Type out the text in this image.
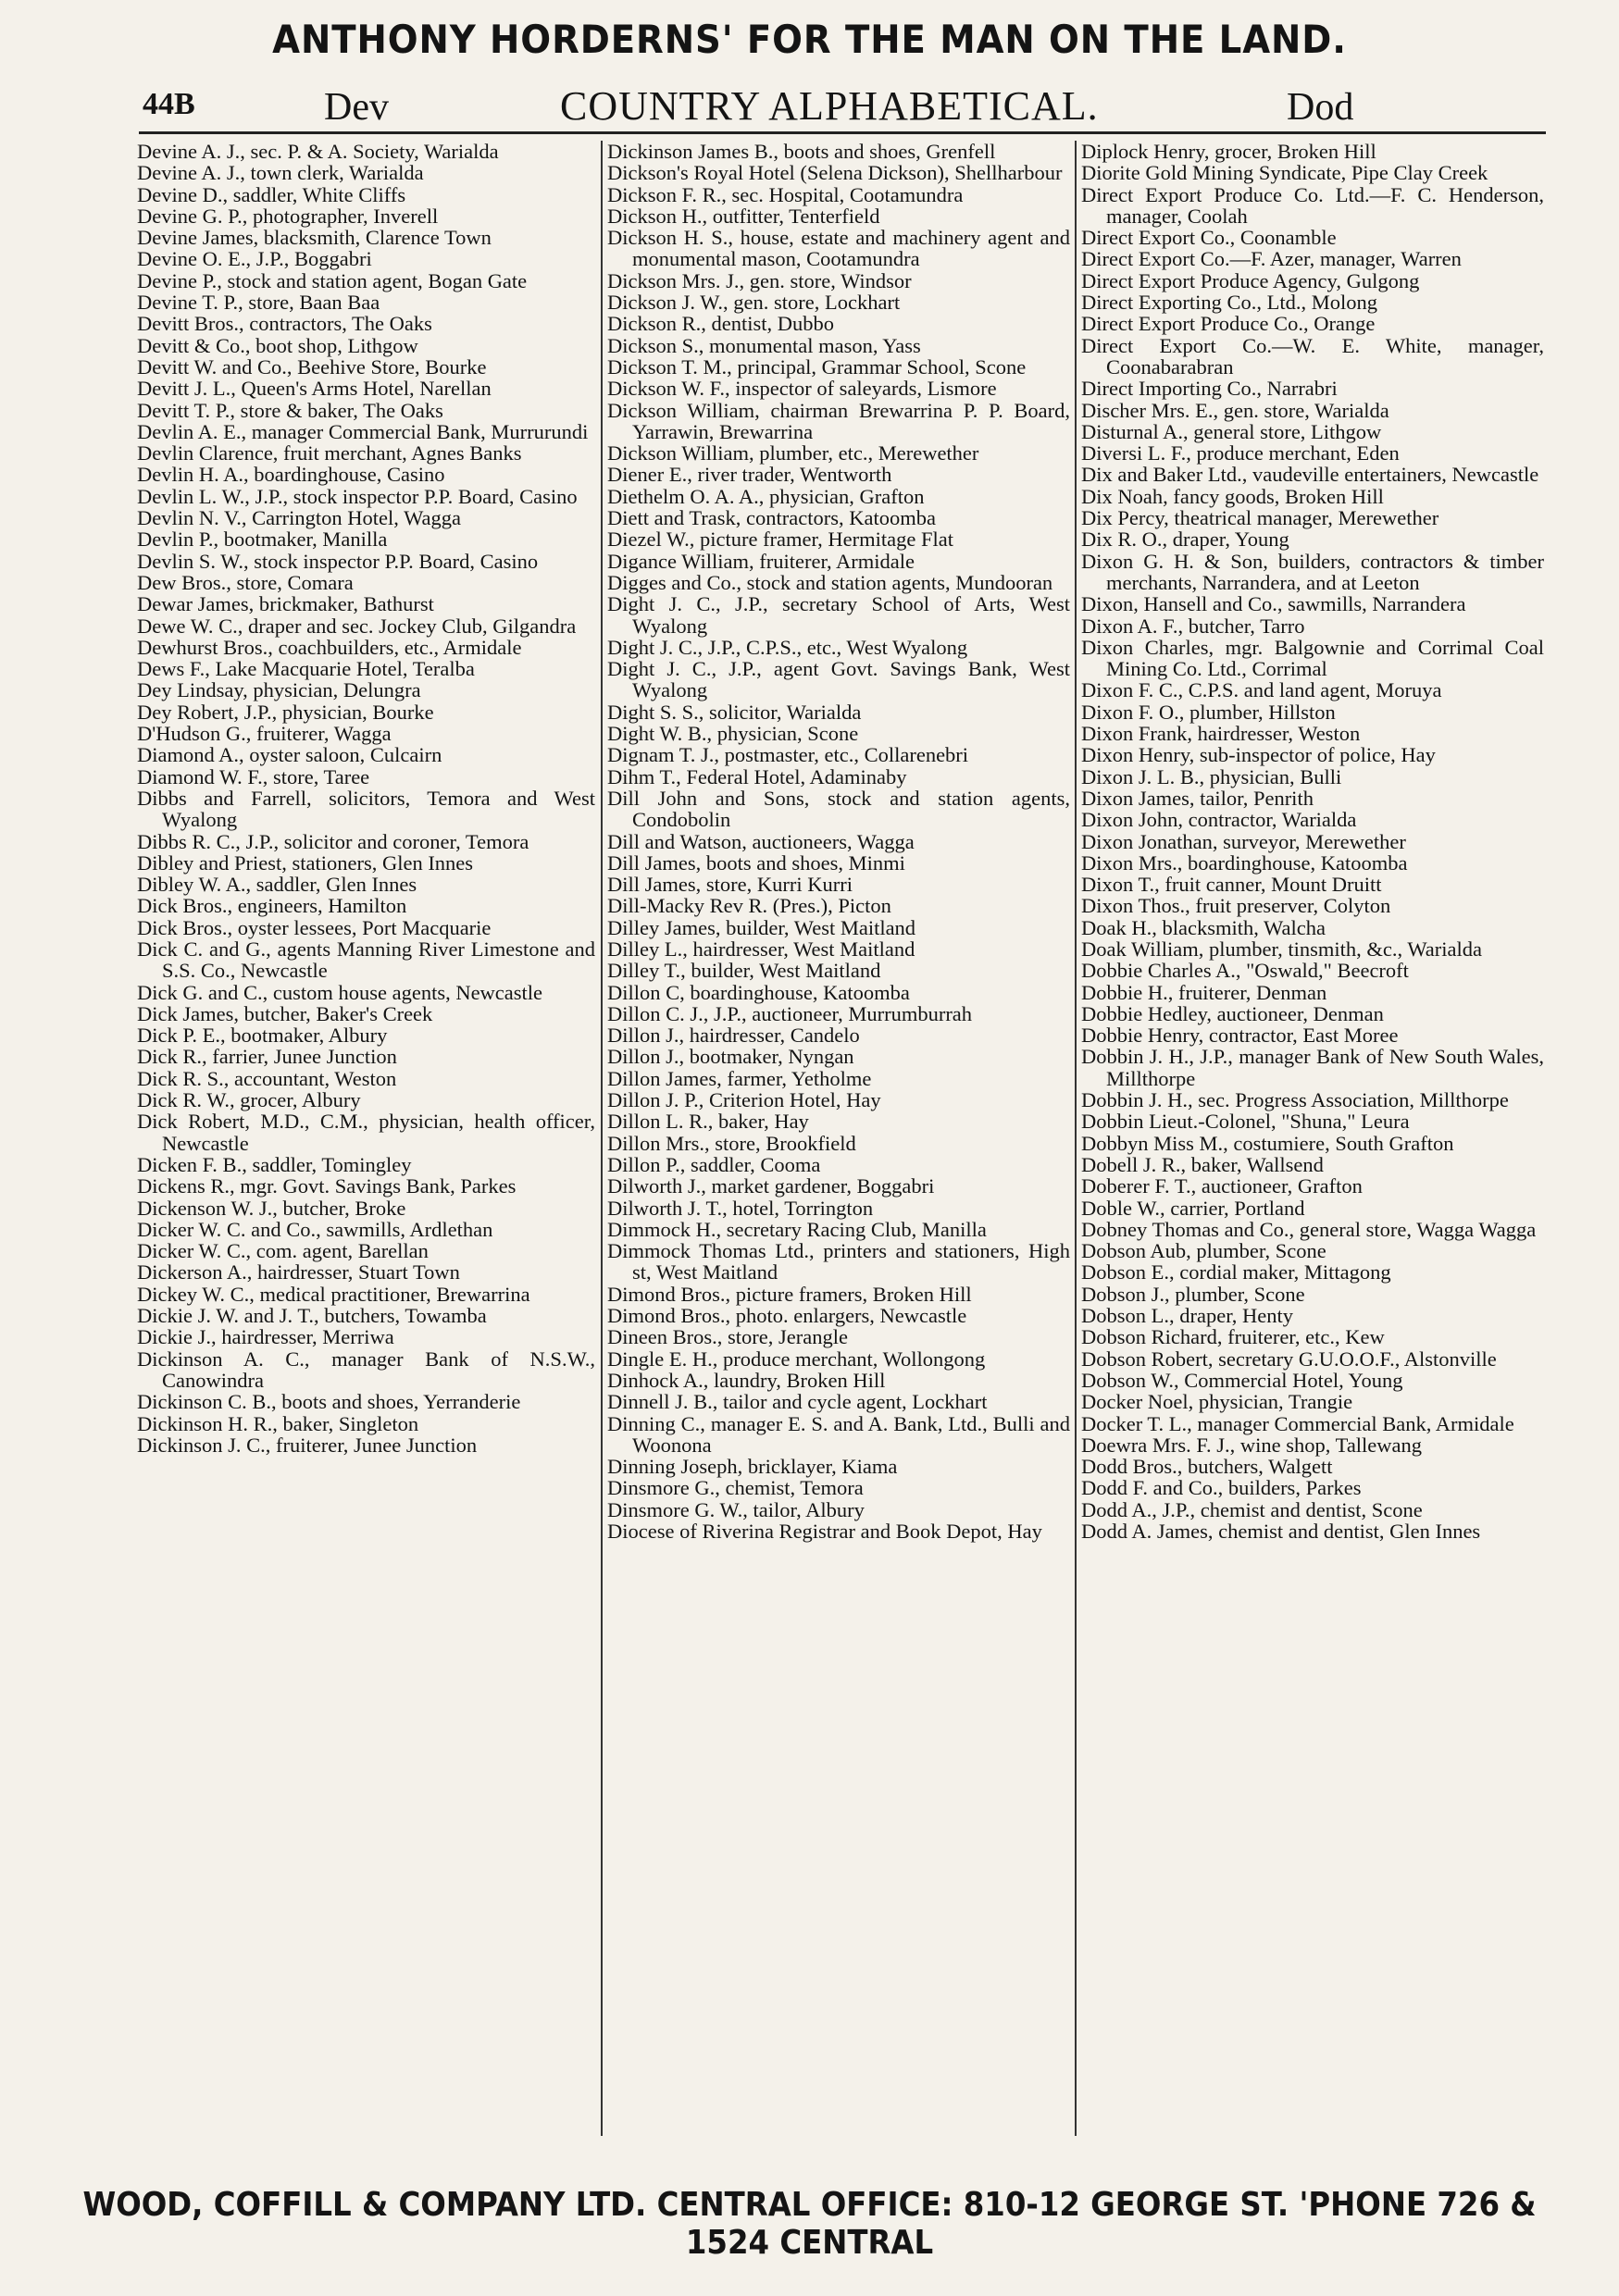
ANTHONY HORDERNS' FOR THE MAN ON THE LAND.
44B	Dev	COUNTRY ALPHABETICAL.	Dod

Devine A. J., sec. P. & A. Society, Warialda

Devine A. J., town clerk, Warialda

Devine D., saddler, White Cliffs

Devine G. P., photographer, Inverell

Devine James, blacksmith, Clarence Town

Devine O. E., J.P., Boggabri

Devine P., stock and station agent, Bogan Gate

Devine T. P., store, Baan Baa

Devitt Bros., contractors, The Oaks

Devitt & Co., boot shop, Lithgow

Devitt W. and Co., Beehive Store, Bourke

Devitt J. L., Queen's Arms Hotel, Narellan

Devitt T. P., store & baker, The Oaks

Devlin A. E., manager Commercial Bank, Murrurundi

Devlin Clarence, fruit merchant, Agnes Banks

Devlin H. A., boardinghouse, Casino

Devlin L. W., J.P., stock inspector P.P. Board, Casino

Devlin N. V., Carrington Hotel, Wagga

Devlin P., bootmaker, Manilla

Devlin S. W., stock inspector P.P. Board, Casino

Dew Bros., store, Comara

Dewar James, brickmaker, Bathurst

Dewe W. C., draper and sec. Jockey Club, Gilgandra

Dewhurst Bros., coachbuilders, etc., Armidale

Dews F., Lake Macquarie Hotel, Teralba

Dey Lindsay, physician, Delungra

Dey Robert, J.P., physician, Bourke

D'Hudson G., fruiterer, Wagga

Diamond A., oyster saloon, Culcairn

Diamond W. F., store, Taree

Dibbs and Farrell, solicitors, Temora and West Wyalong

Dibbs R. C., J.P., solicitor and coroner, Temora

Dibley and Priest, stationers, Glen Innes

Dibley W. A., saddler, Glen Innes

Dick Bros., engineers, Hamilton

Dick Bros., oyster lessees, Port Macquarie

Dick C. and G., agents Manning River Limestone and S.S. Co., Newcastle

Dick G. and C., custom house agents, Newcastle

Dick James, butcher, Baker's Creek

Dick P. E., bootmaker, Albury

Dick R., farrier, Junee Junction

Dick R. S., accountant, Weston

Dick R. W., grocer, Albury

Dick Robert, M.D., C.M., physician, health officer, Newcastle

Dicken F. B., saddler, Tomingley

Dickens R., mgr. Govt. Savings Bank, Parkes

Dickenson W. J., butcher, Broke

Dicker W. C. and Co., sawmills, Ardlethan

Dicker W. C., com. agent, Barellan

Dickerson A., hairdresser, Stuart Town

Dickey W. C., medical practitioner, Brewarrina

Dickie J. W. and J. T., butchers, Towamba

Dickie J., hairdresser, Merriwa

Dickinson A. C., manager Bank of N.S.W., Canowindra

Dickinson C. B., boots and shoes, Yerranderie

Dickinson H. R., baker, Singleton

Dickinson J. C., fruiterer, Junee Junction

Dickinson James B., boots and shoes, Grenfell

Dickson's Royal Hotel (Selena Dickson), Shellharbour

Dickson F. R., sec. Hospital, Cootamundra

Dickson H., outfitter, Tenterfield

Dickson H. S., house, estate and machinery agent and monumental mason, Cootamundra

Dickson Mrs. J., gen. store, Windsor

Dickson J. W., gen. store, Lockhart

Dickson R., dentist, Dubbo

Dickson S., monumental mason, Yass

Dickson T. M., principal, Grammar School, Scone

Dickson W. F., inspector of saleyards, Lismore

Dickson William, chairman Brewarrina P. P. Board, Yarrawin, Brewarrina

Dickson William, plumber, etc., Merewether

Diener E., river trader, Wentworth

Diethelm O. A. A., physician, Grafton

Diett and Trask, contractors, Katoomba

Diezel W., picture framer, Hermitage Flat

Digance William, fruiterer, Armidale

Digges and Co., stock and station agents, Mundooran

Dight J. C., J.P., secretary School of Arts, West Wyalong

Dight J. C., J.P., C.P.S., etc., West Wyalong

Dight J. C., J.P., agent Govt. Savings Bank, West Wyalong

Dight S. S., solicitor, Warialda

Dight W. B., physician, Scone

Dignam T. J., postmaster, etc., Collarenebri

Dihm T., Federal Hotel, Adaminaby

Dill John and Sons, stock and station agents, Condobolin

Dill and Watson, auctioneers, Wagga

Dill James, boots and shoes, Minmi

Dill James, store, Kurri Kurri

Dill-Macky Rev R. (Pres.), Picton

Dilley James, builder, West Maitland

Dilley L., hairdresser, West Maitland

Dilley T., builder, West Maitland

Dillon C, boardinghouse, Katoomba

Dillon C. J., J.P., auctioneer, Murrumburrah

Dillon J., hairdresser, Candelo

Dillon J., bootmaker, Nyngan

Dillon James, farmer, Yetholme

Dillon J. P., Criterion Hotel, Hay

Dillon L. R., baker, Hay

Dillon Mrs., store, Brookfield

Dillon P., saddler, Cooma

Dilworth J., market gardener, Boggabri

Dilworth J. T., hotel, Torrington

Dimmock H., secretary Racing Club, Manilla

Dimmock Thomas Ltd., printers and stationers, High st, West Maitland

Dimond Bros., picture framers, Broken Hill

Dimond Bros., photo. enlargers, Newcastle

Dineen Bros., store, Jerangle

Dingle E. H., produce merchant, Wollongong

Dinhock A., laundry, Broken Hill

Dinnell J. B., tailor and cycle agent, Lockhart

Dinning C., manager E. S. and A. Bank, Ltd., Bulli and Woonona

Dinning Joseph, bricklayer, Kiama

Dinsmore G., chemist, Temora

Dinsmore G. W., tailor, Albury

Diocese of Riverina Registrar and Book Depot, Hay

Diplock Henry, grocer, Broken Hill

Diorite Gold Mining Syndicate, Pipe Clay Creek

Direct Export Produce Co. Ltd.—F. C. Henderson, manager, Coolah

Direct Export Co., Coonamble

Direct Export Co.—F. Azer, manager, Warren

Direct Export Produce Agency, Gulgong

Direct Exporting Co., Ltd., Molong

Direct Export Produce Co., Orange

Direct Export Co.—W. E. White, manager, Coonabarabran

Direct Importing Co., Narrabri

Discher Mrs. E., gen. store, Warialda

Disturnal A., general store, Lithgow

Diversi L. F., produce merchant, Eden

Dix and Baker Ltd., vaudeville entertainers, Newcastle

Dix Noah, fancy goods, Broken Hill

Dix Percy, theatrical manager, Merewether

Dix R. O., draper, Young

Dixon G. H. & Son, builders, contractors & timber merchants, Narrandera, and at Leeton

Dixon, Hansell and Co., sawmills, Narrandera

Dixon A. F., butcher, Tarro

Dixon Charles, mgr. Balgownie and Corrimal Coal Mining Co. Ltd., Corrimal

Dixon F. C., C.P.S. and land agent, Moruya

Dixon F. O., plumber, Hillston

Dixon Frank, hairdresser, Weston

Dixon Henry, sub-inspector of police, Hay

Dixon J. L. B., physician, Bulli

Dixon James, tailor, Penrith

Dixon John, contractor, Warialda

Dixon Jonathan, surveyor, Merewether

Dixon Mrs., boardinghouse, Katoomba

Dixon T., fruit canner, Mount Druitt

Dixon Thos., fruit preserver, Colyton

Doak H., blacksmith, Walcha

Doak William, plumber, tinsmith, &c., Warialda

Dobbie Charles A., "Oswald," Beecroft

Dobbie H., fruiterer, Denman

Dobbie Hedley, auctioneer, Denman

Dobbie Henry, contractor, East Moree

Dobbin J. H., J.P., manager Bank of New South Wales, Millthorpe

Dobbin J. H., sec. Progress Association, Millthorpe

Dobbin Lieut.-Colonel, "Shuna," Leura

Dobbyn Miss M., costumiere, South Grafton

Dobell J. R., baker, Wallsend

Doberer F. T., auctioneer, Grafton

Doble W., carrier, Portland

Dobney Thomas and Co., general store, Wagga Wagga

Dobson Aub, plumber, Scone

Dobson E., cordial maker, Mittagong

Dobson J., plumber, Scone

Dobson L., draper, Henty

Dobson Richard, fruiterer, etc., Kew

Dobson Robert, secretary G.U.O.O.F., Alstonville

Dobson W., Commercial Hotel, Young

Docker Noel, physician, Trangie

Docker T. L., manager Commercial Bank, Armidale

Doewra Mrs. F. J., wine shop, Tallewang

Dodd Bros., butchers, Walgett

Dodd F. and Co., builders, Parkes

Dodd A., J.P., chemist and dentist, Scone

Dodd A. James, chemist and dentist, Glen Innes

WOOD, COFFILL & COMPANY LTD. CENTRAL OFFICE: 810-12 GEORGE ST. 'PHONE 726 & 1524 CENTRAL
